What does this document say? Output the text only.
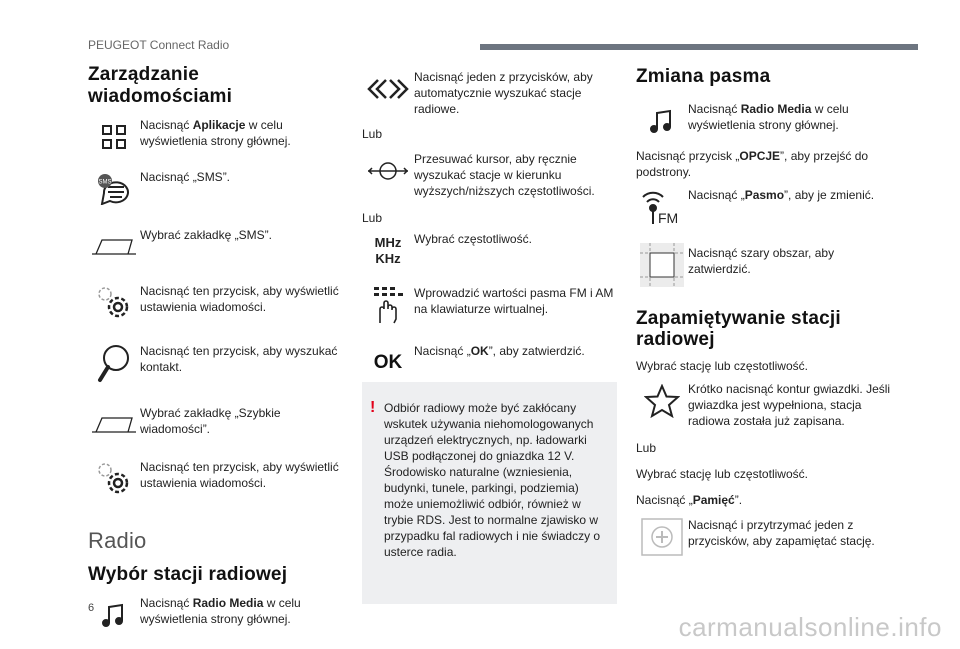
PEUGEOT Connect Radio
Zarządzanie wiadomościami
Nacisnąć Aplikacje w celu wyświetlenia strony głównej.
SMS Nacisnąć „SMS”.
Wybrać zakładkę „SMS”.
Nacisnąć ten przycisk, aby wyświetlić ustawienia wiadomości.
Nacisnąć ten przycisk, aby wyszukać kontakt.
Wybrać zakładkę „Szybkie wiadomości”.
Nacisnąć ten przycisk, aby wyświetlić ustawienia wiadomości.
Radio
Wybór stacji radiowej
Nacisnąć Radio Media w celu wyświetlenia strony głównej.
Nacisnąć jeden z przycisków, aby automatycznie wyszukać stacje radiowe.
Lub
Przesuwać kursor, aby ręcznie wyszukać stacje w kierunku wyższych/niższych częstotliwości.
Lub
MHz
KHz
Wybrać częstotliwość.
Wprowadzić wartości pasma FM i AM na klawiaturze wirtualnej.
OK
Nacisnąć „OK”, aby zatwierdzić.
! Odbiór radiowy może być zakłócany wskutek używania niehomologowanych urządzeń elektrycznych, np. ładowarki USB podłączonej do gniazdka 12 V. Środowisko naturalne (wzniesienia, budynki, tunele, parkingi, podziemia) może uniemożliwić odbiór, również w trybie RDS. Jest to normalne zjawisko w przypadku fal radiowych i nie świadczy o usterce radia.
Zmiana pasma
Nacisnąć Radio Media w celu wyświetlenia strony głównej.
Nacisnąć przycisk „OPCJE”, aby przejść do podstrony.
FM
Nacisnąć „Pasmo”, aby je zmienić.
Nacisnąć szary obszar, aby zatwierdzić.
Zapamiętywanie stacji radiowej
Wybrać stację lub częstotliwość.
Krótko nacisnąć kontur gwiazdki. Jeśli gwiazdka jest wypełniona, stacja radiowa została już zapisana.
Lub
Wybrać stację lub częstotliwość.
Nacisnąć „Pamięć”.
Nacisnąć i przytrzymać jeden z przycisków, aby zapamiętać stację.
6
carmanualsonline.info
